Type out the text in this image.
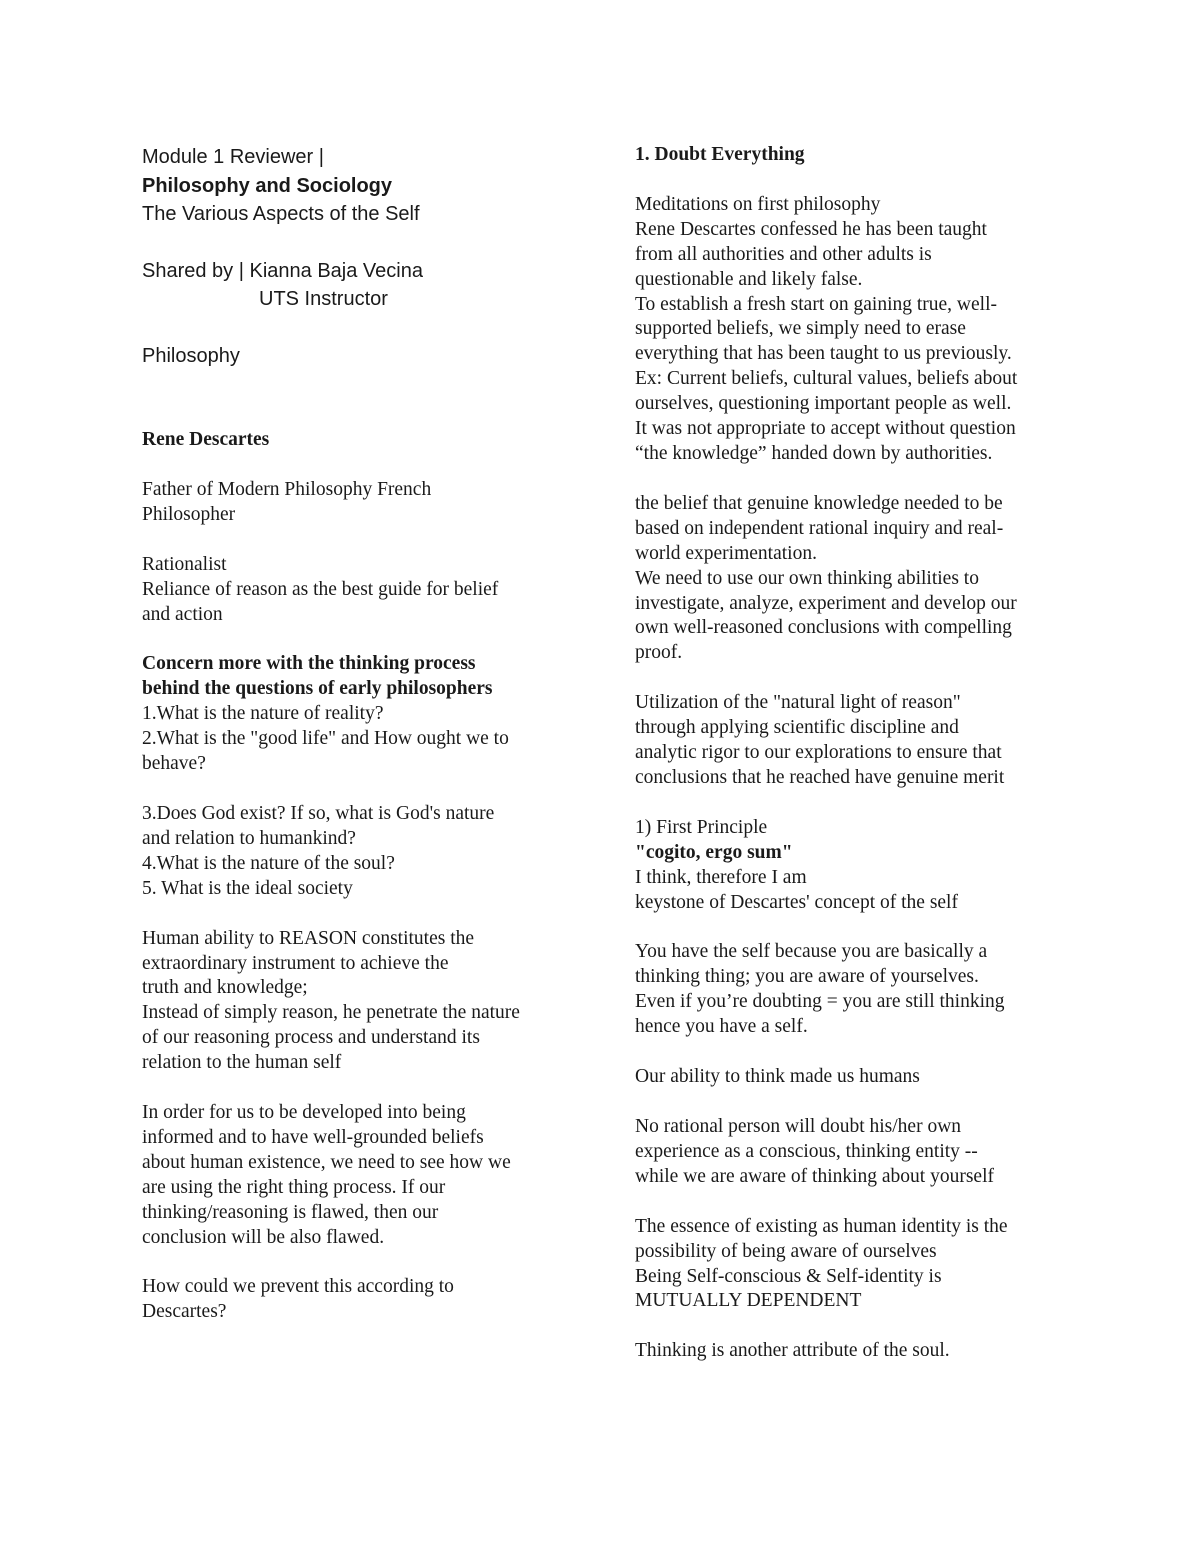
Module 1 Reviewer |
Philosophy and Sociology
The Various Aspects of the Self
Shared by | Kianna Baja Vecina
UTS Instructor
Philosophy
Rene Descartes
Father of Modern Philosophy French
Philosopher
Rationalist
Reliance of reason as the best guide for belief
and action
Concern more with the thinking process
behind the questions of early philosophers
1.What is the nature of reality?
2.What is the "good life" and How ought we to
behave?
3.Does God exist? If so, what is God's nature
and relation to humankind?
4.What is the nature of the soul?
5. What is the ideal society
Human ability to REASON constitutes the
extraordinary instrument to achieve the
truth and knowledge;
Instead of simply reason, he penetrate the nature
of our reasoning process and understand its
relation to the human self
In order for us to be developed into being
informed and to have well-grounded beliefs
about human existence, we need to see how we
are using the right thing process. If our
thinking/reasoning is flawed, then our
conclusion will be also flawed.
How could we prevent this according to
Descartes?
1. Doubt Everything
Meditations on first philosophy
Rene Descartes confessed he has been taught
from all authorities and other adults is
questionable and likely false.
To establish a fresh start on gaining true, well-
supported beliefs, we simply need to erase
everything that has been taught to us previously.
Ex: Current beliefs, cultural values, beliefs about
ourselves, questioning important people as well.
It was not appropriate to accept without question
“the knowledge” handed down by authorities.
the belief that genuine knowledge needed to be
based on independent rational inquiry and real-
world experimentation.
We need to use our own thinking abilities to
investigate, analyze, experiment and develop our
own well-reasoned conclusions with compelling
proof.
Utilization of the "natural light of reason"
through applying scientific discipline and
analytic rigor to our explorations to ensure that
conclusions that he reached have genuine merit
1) First Principle
"cogito, ergo sum"
I think, therefore I am
keystone of Descartes' concept of the self
You have the self because you are basically a
thinking thing; you are aware of yourselves.
Even if you’re doubting = you are still thinking
hence you have a self.
Our ability to think made us humans
No rational person will doubt his/her own
experience as a conscious, thinking entity --
while we are aware of thinking about yourself
The essence of existing as human identity is the
possibility of being aware of ourselves
Being Self-conscious & Self-identity is
MUTUALLY DEPENDENT
Thinking is another attribute of the soul.
